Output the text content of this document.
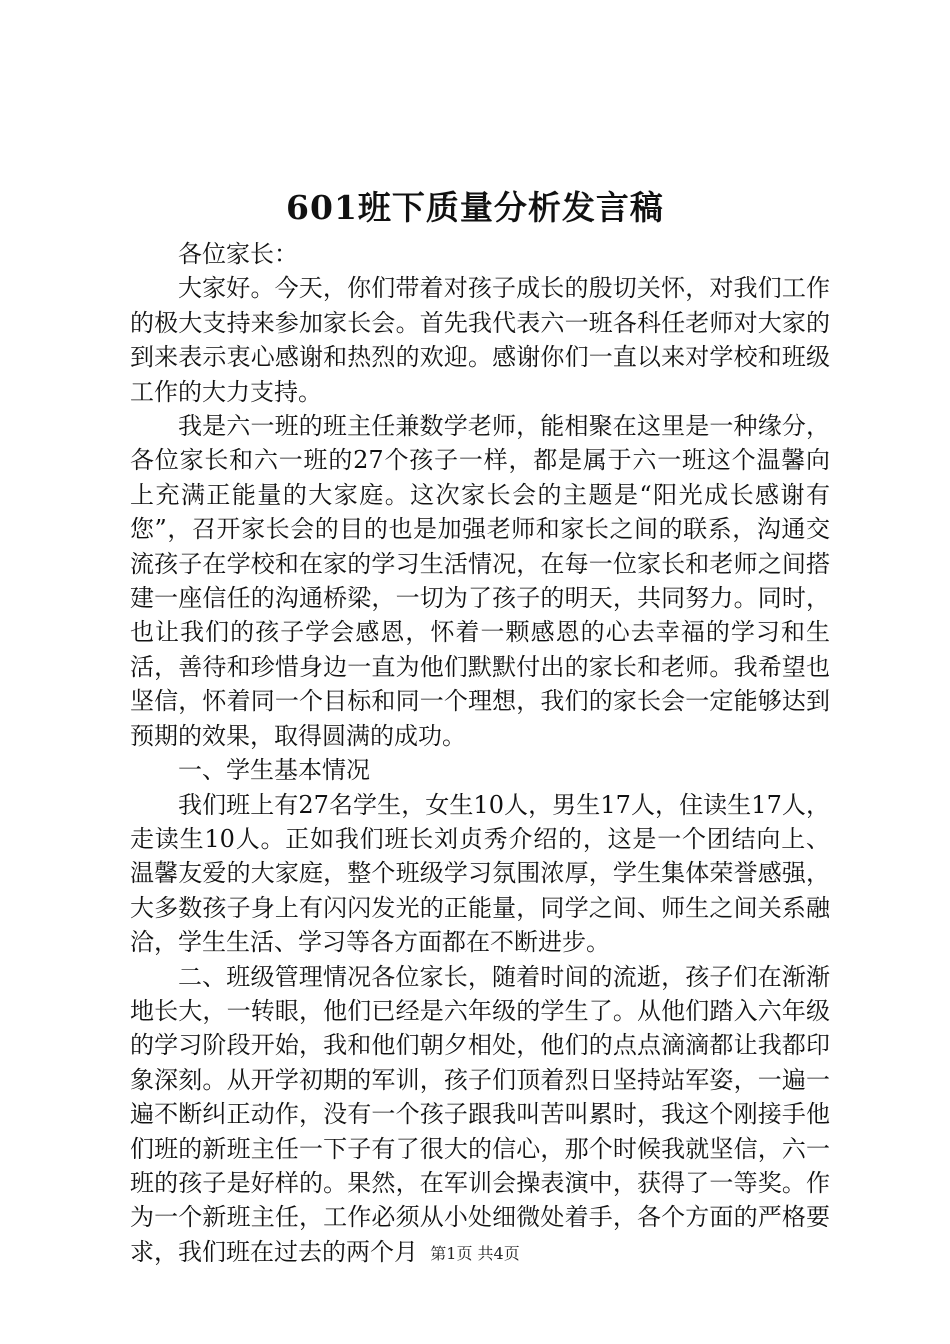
601班下质量分析发言稿

各位家长：

大家好。今天，你们带着对孩子成长的殷切关怀，对我们工作的极大支持来参加家长会。首先我代表六一班各科任老师对大家的到来表示衷心感谢和热烈的欢迎。感谢你们一直以来对学校和班级工作的大力支持。

我是六一班的班主任兼数学老师，能相聚在这里是一种缘分，各位家长和六一班的27个孩子一样，都是属于六一班这个温馨向上充满正能量的大家庭。这次家长会的主题是“阳光成长感谢有您”，召开家长会的目的也是加强老师和家长之间的联系，沟通交流孩子在学校和在家的学习生活情况，在每一位家长和老师之间搭建一座信任的沟通桥梁，一切为了孩子的明天，共同努力。同时，也让我们的孩子学会感恩，怀着一颗感恩的心去幸福的学习和生活，善待和珍惜身边一直为他们默默付出的家长和老师。我希望也坚信，怀着同一个目标和同一个理想，我们的家长会一定能够达到预期的效果，取得圆满的成功。

一、学生基本情况

我们班上有27名学生，女生10人，男生17人，住读生17人，走读生10人。正如我们班长刘贞秀介绍的，这是一个团结向上、温馨友爱的大家庭，整个班级学习氛围浓厚，学生集体荣誉感强，大多数孩子身上有闪闪发光的正能量，同学之间、师生之间关系融洽，学生生活、学习等各方面都在不断进步。

二、班级管理情况各位家长，随着时间的流逝，孩子们在渐渐地长大，一转眼，他们已经是六年级的学生了。从他们踏入六年级的学习阶段开始，我和他们朝夕相处，他们的点点滴滴都让我都印象深刻。从开学初期的军训，孩子们顶着烈日坚持站军姿，一遍一遍不断纠正动作，没有一个孩子跟我叫苦叫累时，我这个刚接手他们班的新班主任一下子有了很大的信心，那个时候我就坚信，六一班的孩子是好样的。果然，在军训会操表演中，获得了一等奖。作为一个新班主任，工作必须从小处细微处着手，各个方面的严格要求，我们班在过去的两个月 第1页 共4页
